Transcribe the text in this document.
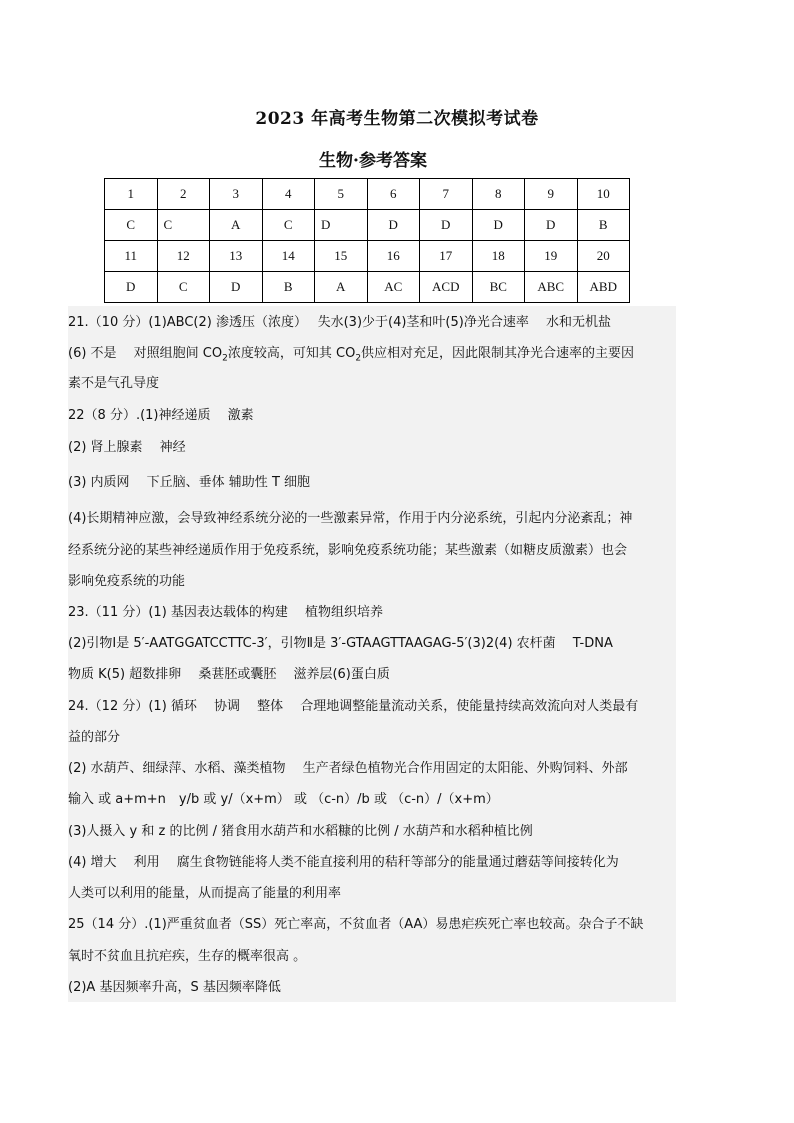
2023 年高考生物第二次模拟考试卷
生物·参考答案
1	2	3	4	5	6	7	8	9	10
C	C	A	C	D	D	D	D	D	B
11	12	13	14	15	16	17	18	19	20
D	C	D	B	A	AC	ACD	BC	ABC	ABD
21.（10 分）(1)ABC(2) 渗透压（浓度）　 失水(3)少于(4)茎和叶(5)净光合速率　 水和无机盐
(6) 不是　 对照组胞间 $CO_2$浓度较高，可知其 $CO_2$供应相对充足，因此限制其净光合速率的主要因
素不是气孔导度
22（8 分）.(1)神经递质　 激素
(2) 肾上腺素　 神经
(3) 内质网　 下丘脑、垂体 辅助性 T 细胞
(4)长期精神应激，会导致神经系统分泌的一些激素异常，作用于内分泌系统，引起内分泌紊乱；神
经系统分泌的某些神经递质作用于免疫系统，影响免疫系统功能；某些激素（如糖皮质激素）也会
影响免疫系统的功能
23.（11 分）(1) 基因表达载体的构建　 植物组织培养
(2)引物Ⅰ是 5′-AATGGATCCTTC-3′，引物Ⅱ是 3′-GTAAGTTAAGAG-5′(3)2(4) 农杆菌　 T-DNA
物质 K(5) 超数排卵　 桑葚胚或囊胚　 滋养层(6)蛋白质
24.（12 分）(1) 循环　 协调　 整体　 合理地调整能量流动关系，使能量持续高效流向对人类最有
益的部分
(2) 水葫芦、细绿萍、水稻、藻类植物　 生产者绿色植物光合作用固定的太阳能、外购饲料、外部
输入 或 a+m+n　y/b 或 y/（x+m） 或 （c-n）/b 或 （c-n）/（x+m）
(3)人摄入 y 和 z 的比例 / 猪食用水葫芦和水稻糠的比例 / 水葫芦和水稻种植比例
(4) 增大　 利用　 腐生食物链能将人类不能直接利用的秸秆等部分的能量通过蘑菇等间接转化为
人类可以利用的能量，从而提高了能量的利用率
25（14 分）.(1)严重贫血者（SS）死亡率高，不贫血者（AA）易患疟疾死亡率也较高。杂合子不缺
氧时不贫血且抗疟疾，生存的概率很高 。
(2)A 基因频率升高，S 基因频率降低
